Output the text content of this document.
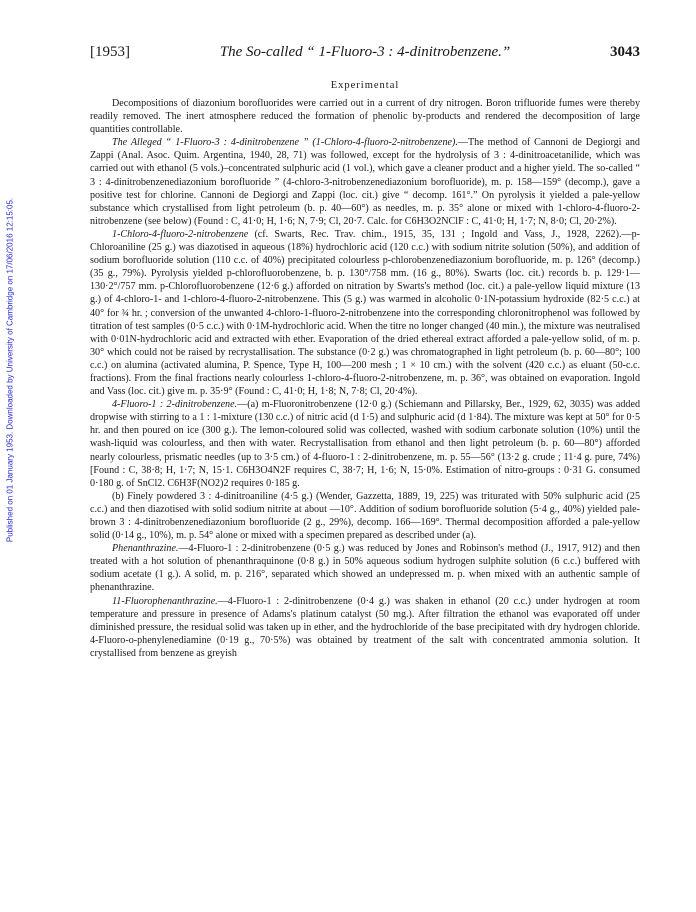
Published on 01 January 1953. Downloaded by University of Cambridge on 17/06/2016 12:15:05.
[1953]	The So-called “ 1-Fluoro-3 : 4-dinitrobenzene.”	3043
Experimental

Decompositions of diazonium borofluorides were carried out in a current of dry nitrogen. Boron trifluoride fumes were thereby readily removed. The inert atmosphere reduced the formation of phenolic by-products and rendered the decomposition of large quantities controllable.

The Alleged “ 1-Fluoro-3 : 4-dinitrobenzene ” (1-Chloro-4-fluoro-2-nitrobenzene).—The method of Cannoni de Degiorgi and Zappi (Anal. Asoc. Quim. Argentina, 1940, 28, 71) was followed, except for the hydrolysis of 3 : 4-dinitroacetanilide, which was carried out with ethanol (5 vols.)–concentrated sulphuric acid (1 vol.), which gave a cleaner product and a higher yield. The so-called “ 3 : 4-dinitrobenzenediazonium borofluoride ” (4-chloro-3-nitrobenzenediazonium borofluoride), m. p. 158—159° (decomp.), gave a positive test for chlorine. Cannoni de Degiorgi and Zappi (loc. cit.) give “ decomp. 161°.” On pyrolysis it yielded a pale-yellow substance which crystallised from light petroleum (b. p. 40—60°) as needles, m. p. 35° alone or mixed with 1-chloro-4-fluoro-2-nitrobenzene (see below) (Found : C, 41·0; H, 1·6; N, 7·9; Cl, 20·7. Calc. for C6H3O2NClF : C, 41·0; H, 1·7; N, 8·0; Cl, 20·2%).

1-Chloro-4-fluoro-2-nitrobenzene (cf. Swarts, Rec. Trav. chim., 1915, 35, 131 ; Ingold and Vass, J., 1928, 2262).—p-Chloroaniline (25 g.) was diazotised in aqueous (18%) hydrochloric acid (120 c.c.) with sodium nitrite solution (50%), and addition of sodium borofluoride solution (110 c.c. of 40%) precipitated colourless p-chlorobenzenediazonium borofluoride, m. p. 126° (decomp.) (35 g., 79%). Pyrolysis yielded p-chlorofluorobenzene, b. p. 130°/758 mm. (16 g., 80%). Swarts (loc. cit.) records b. p. 129·1—130·2°/757 mm. p-Chlorofluorobenzene (12·6 g.) afforded on nitration by Swarts's method (loc. cit.) a pale-yellow liquid mixture (13 g.) of 4-chloro-1- and 1-chloro-4-fluoro-2-nitrobenzene. This (5 g.) was warmed in alcoholic 0·1N-potassium hydroxide (82·5 c.c.) at 40° for ¾ hr. ; conversion of the unwanted 4-chloro-1-fluoro-2-nitrobenzene into the corresponding chloronitrophenol was followed by titration of test samples (0·5 c.c.) with 0·1M-hydrochloric acid. When the titre no longer changed (40 min.), the mixture was neutralised with 0·01N-hydrochloric acid and extracted with ether. Evaporation of the dried ethereal extract afforded a pale-yellow solid, of m. p. 30° which could not be raised by recrystallisation. The substance (0·2 g.) was chromatographed in light petroleum (b. p. 60—80°; 100 c.c.) on alumina (activated alumina, P. Spence, Type H, 100—200 mesh ; 1 × 10 cm.) with the solvent (420 c.c.) as eluant (50-c.c. fractions). From the final fractions nearly colourless 1-chloro-4-fluoro-2-nitrobenzene, m. p. 36°, was obtained on evaporation. Ingold and Vass (loc. cit.) give m. p. 35·9° (Found : C, 41·0; H, 1·8; N, 7·8; Cl, 20·4%).

4-Fluoro-1 : 2-dinitrobenzene.—(a) m-Fluoronitrobenzene (12·0 g.) (Schiemann and Pillarsky, Ber., 1929, 62, 3035) was added dropwise with stirring to a 1 : 1-mixture (130 c.c.) of nitric acid (d 1·5) and sulphuric acid (d 1·84). The mixture was kept at 50° for 0·5 hr. and then poured on ice (300 g.). The lemon-coloured solid was collected, washed with sodium carbonate solution (10%) until the wash-liquid was colourless, and then with water. Recrystallisation from ethanol and then light petroleum (b. p. 60—80°) afforded nearly colourless, prismatic needles (up to 3·5 cm.) of 4-fluoro-1 : 2-dinitrobenzene, m. p. 55—56° (13·2 g. crude ; 11·4 g. pure, 74%) [Found : C, 38·8; H, 1·7; N, 15·1. C6H3O4N2F requires C, 38·7; H, 1·6; N, 15·0%. Estimation of nitro-groups : 0·31 G. consumed 0·180 g. of SnCl2. C6H3F(NO2)2 requires 0·185 g.

(b) Finely powdered 3 : 4-dinitroaniline (4·5 g.) (Wender, Gazzetta, 1889, 19, 225) was triturated with 50% sulphuric acid (25 c.c.) and then diazotised with solid sodium nitrite at about —10°. Addition of sodium borofluoride solution (5·4 g., 40%) yielded pale-brown 3 : 4-dinitrobenzenediazonium borofluoride (2 g., 29%), decomp. 166—169°. Thermal decomposition afforded a pale-yellow solid (0·14 g., 10%), m. p. 54° alone or mixed with a specimen prepared as described under (a).

Phenanthrazine.—4-Fluoro-1 : 2-dinitrobenzene (0·5 g.) was reduced by Jones and Robinson's method (J., 1917, 912) and then treated with a hot solution of phenanthraquinone (0·8 g.) in 50% aqueous sodium hydrogen sulphite solution (6 c.c.) buffered with sodium acetate (1 g.). A solid, m. p. 216°, separated which showed an undepressed m. p. when mixed with an authentic sample of phenanthrazine.

11-Fluorophenanthrazine.—4-Fluoro-1 : 2-dinitrobenzene (0·4 g.) was shaken in ethanol (20 c.c.) under hydrogen at room temperature and pressure in presence of Adams's platinum catalyst (50 mg.). After filtration the ethanol was evaporated off under diminished pressure, the residual solid was taken up in ether, and the hydrochloride of the base precipitated with dry hydrogen chloride. 4-Fluoro-o-phenylenediamine (0·19 g., 70·5%) was obtained by treatment of the salt with concentrated ammonia solution. It crystallised from benzene as greyish
